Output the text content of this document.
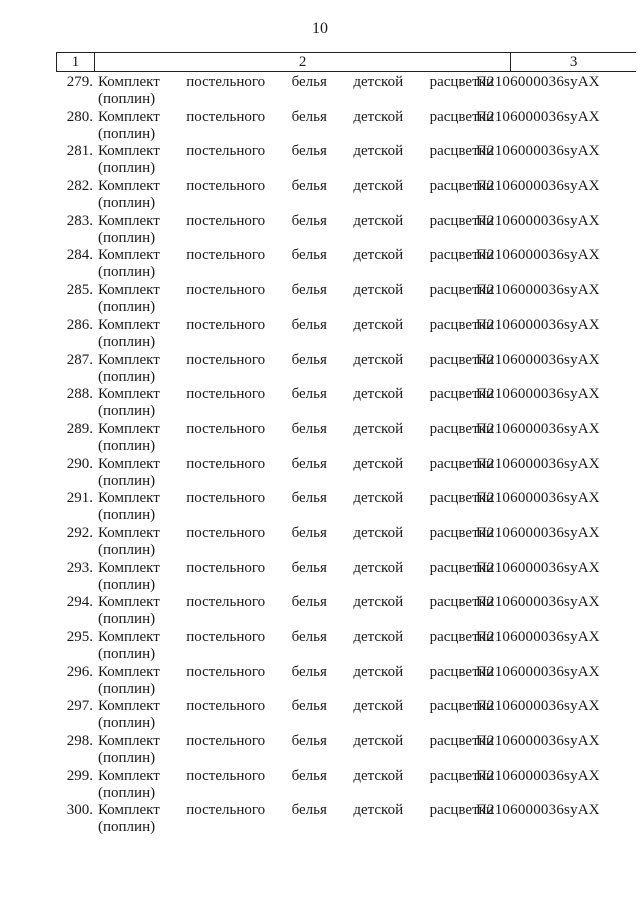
10
1	2	3
279. Комплект постельного белья детской расцветки
(поплин)
П2106000036syAX
280. Комплект постельного белья детской расцветки
(поплин)
П2106000036syAX
281. Комплект постельного белья детской расцветки
(поплин)
П2106000036syAX
282. Комплект постельного белья детской расцветки
(поплин)
П2106000036syAX
283. Комплект постельного белья детской расцветки
(поплин)
П2106000036syAX
284. Комплект постельного белья детской расцветки
(поплин)
П2106000036syAX
285. Комплект постельного белья детской расцветки
(поплин)
П2106000036syAX
286. Комплект постельного белья детской расцветки
(поплин)
П2106000036syAX
287. Комплект постельного белья детской расцветки
(поплин)
П2106000036syAX
288. Комплект постельного белья детской расцветки
(поплин)
П2106000036syAX
289. Комплект постельного белья детской расцветки
(поплин)
П2106000036syAX
290. Комплект постельного белья детской расцветки
(поплин)
П2106000036syAX
291. Комплект постельного белья детской расцветки
(поплин)
П2106000036syAX
292. Комплект постельного белья детской расцветки
(поплин)
П2106000036syAX
293. Комплект постельного белья детской расцветки
(поплин)
П2106000036syAX
294. Комплект постельного белья детской расцветки
(поплин)
П2106000036syAX
295. Комплект постельного белья детской расцветки
(поплин)
П2106000036syAX
296. Комплект постельного белья детской расцветки
(поплин)
П2106000036syAX
297. Комплект постельного белья детской расцветки
(поплин)
П2106000036syAX
298. Комплект постельного белья детской расцветки
(поплин)
П2106000036syAX
299. Комплект постельного белья детской расцветки
(поплин)
П2106000036syAX
300. Комплект постельного белья детской расцветки
(поплин)
П2106000036syAX
